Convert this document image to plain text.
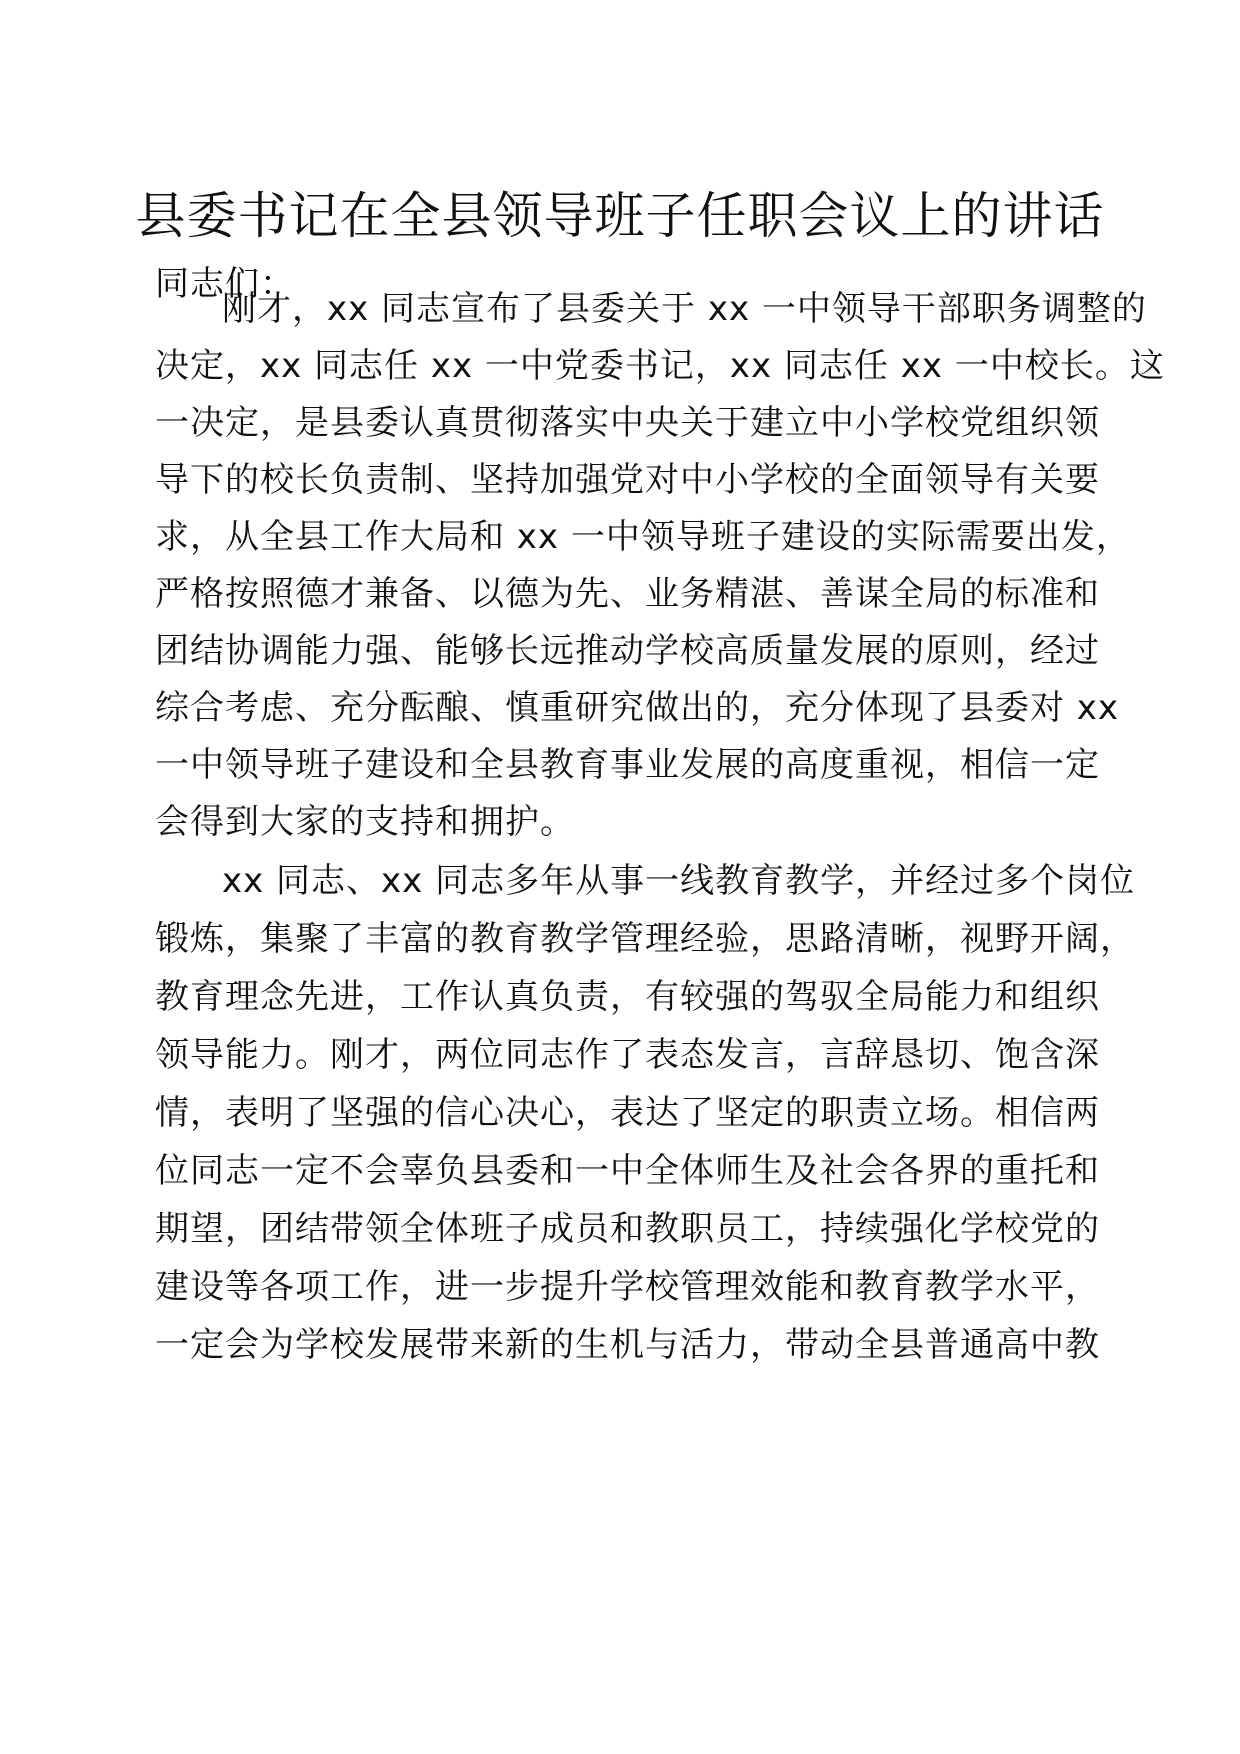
县委书记在全县领导班子任职会议上的讲话
同志们：
刚才，xx 同志宣布了县委关于 xx 一中领导干部职务调整的
决定，xx 同志任 xx 一中党委书记，xx 同志任 xx 一中校长。这
一决定，是县委认真贯彻落实中央关于建立中小学校党组织领
导下的校长负责制、坚持加强党对中小学校的全面领导有关要
求，从全县工作大局和 xx 一中领导班子建设的实际需要出发，
严格按照德才兼备、以德为先、业务精湛、善谋全局的标准和
团结协调能力强、能够长远推动学校高质量发展的原则，经过
综合考虑、充分酝酿、慎重研究做出的，充分体现了县委对 xx
一中领导班子建设和全县教育事业发展的高度重视，相信一定
会得到大家的支持和拥护。
xx 同志、xx 同志多年从事一线教育教学，并经过多个岗位
锻炼，集聚了丰富的教育教学管理经验，思路清晰，视野开阔，
教育理念先进，工作认真负责，有较强的驾驭全局能力和组织
领导能力。刚才，两位同志作了表态发言，言辞恳切、饱含深
情，表明了坚强的信心决心，表达了坚定的职责立场。相信两
位同志一定不会辜负县委和一中全体师生及社会各界的重托和
期望，团结带领全体班子成员和教职员工，持续强化学校党的
建设等各项工作，进一步提升学校管理效能和教育教学水平，
一定会为学校发展带来新的生机与活力，带动全县普通高中教
